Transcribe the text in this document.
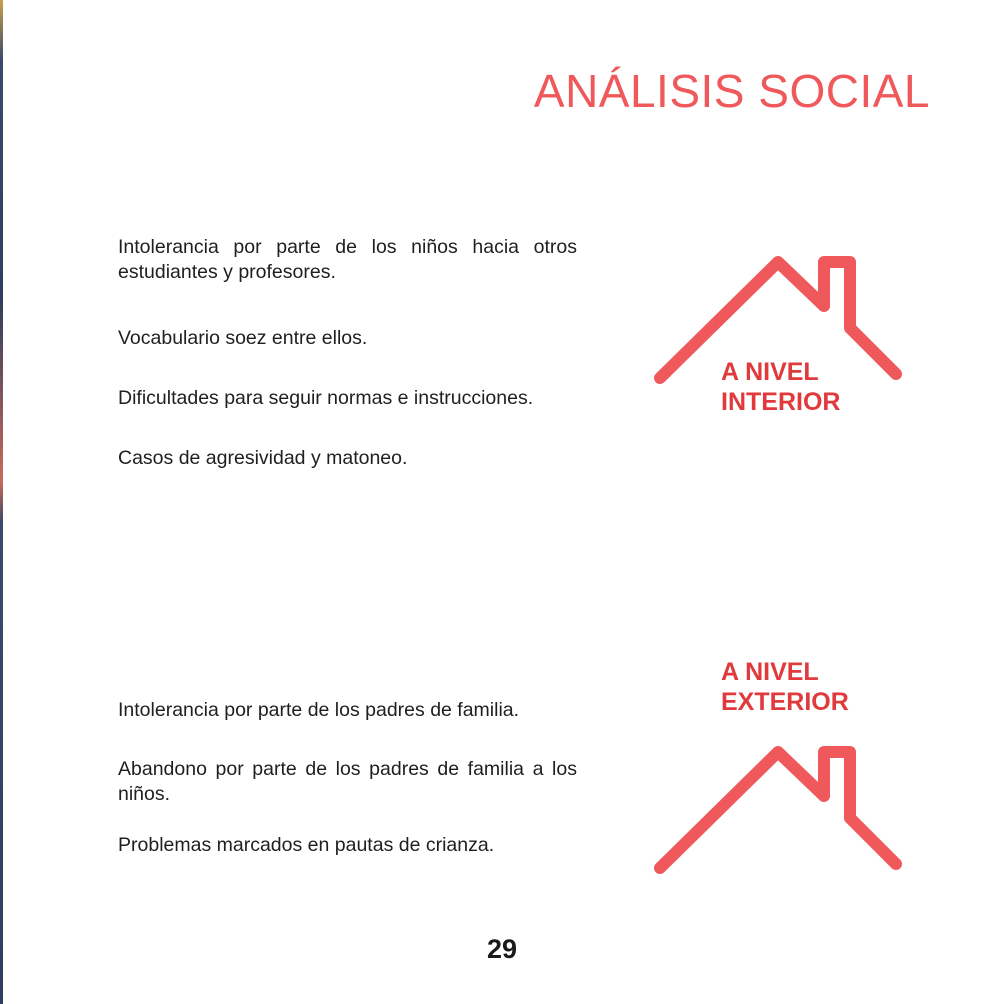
ANÁLISIS SOCIAL

Intolerancia por parte de los niños hacia otros estudiantes y profesores.

Vocabulario soez entre ellos.

Dificultades para seguir normas e instrucciones.

Casos de agresividad y matoneo.

A NIVEL
INTERIOR

A NIVEL
EXTERIOR

Intolerancia por parte de los padres de familia.

Abandono por parte de los padres de familia a los niños.

Problemas marcados en pautas de crianza.

29
